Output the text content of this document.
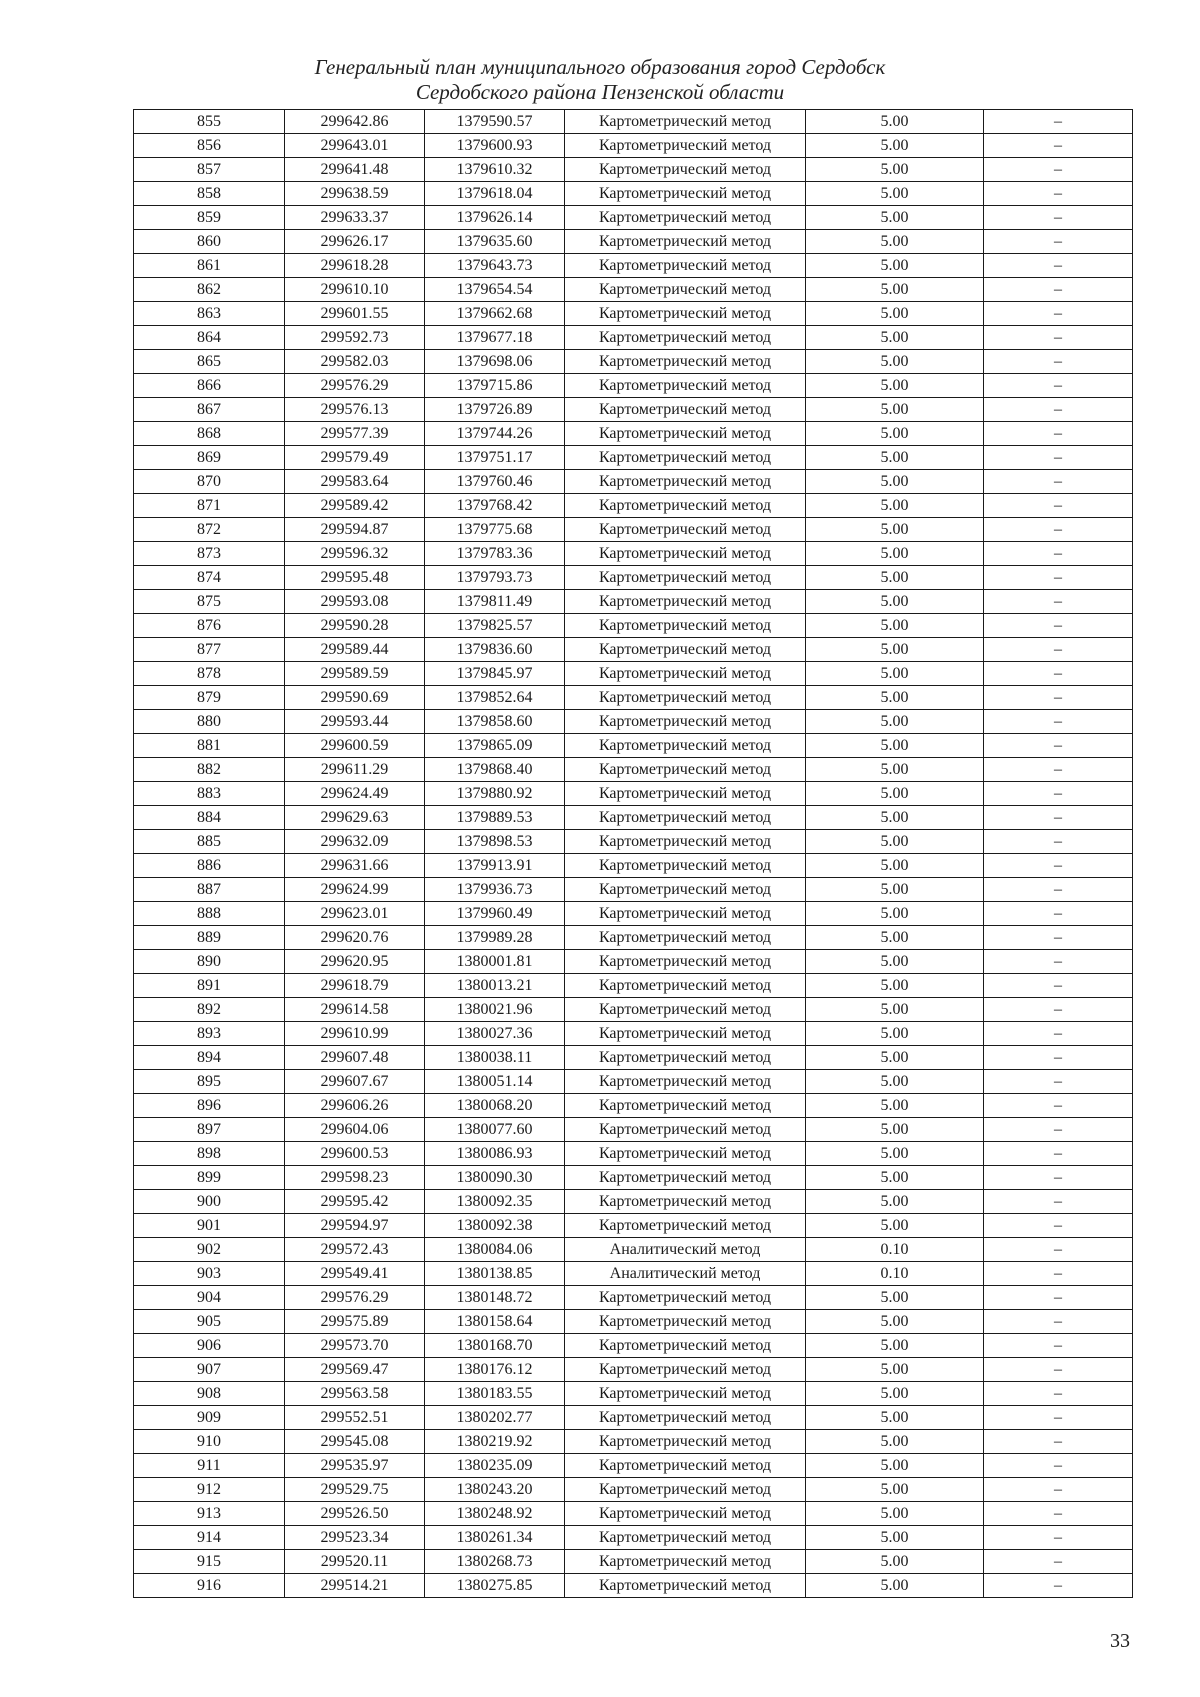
Генеральный план муниципального образования город Сердобск
Сердобского района Пензенской области
855	299642.86	1379590.57	Картометрический метод	5.00	–
856	299643.01	1379600.93	Картометрический метод	5.00	–
857	299641.48	1379610.32	Картометрический метод	5.00	–
858	299638.59	1379618.04	Картометрический метод	5.00	–
859	299633.37	1379626.14	Картометрический метод	5.00	–
860	299626.17	1379635.60	Картометрический метод	5.00	–
861	299618.28	1379643.73	Картометрический метод	5.00	–
862	299610.10	1379654.54	Картометрический метод	5.00	–
863	299601.55	1379662.68	Картометрический метод	5.00	–
864	299592.73	1379677.18	Картометрический метод	5.00	–
865	299582.03	1379698.06	Картометрический метод	5.00	–
866	299576.29	1379715.86	Картометрический метод	5.00	–
867	299576.13	1379726.89	Картометрический метод	5.00	–
868	299577.39	1379744.26	Картометрический метод	5.00	–
869	299579.49	1379751.17	Картометрический метод	5.00	–
870	299583.64	1379760.46	Картометрический метод	5.00	–
871	299589.42	1379768.42	Картометрический метод	5.00	–
872	299594.87	1379775.68	Картометрический метод	5.00	–
873	299596.32	1379783.36	Картометрический метод	5.00	–
874	299595.48	1379793.73	Картометрический метод	5.00	–
875	299593.08	1379811.49	Картометрический метод	5.00	–
876	299590.28	1379825.57	Картометрический метод	5.00	–
877	299589.44	1379836.60	Картометрический метод	5.00	–
878	299589.59	1379845.97	Картометрический метод	5.00	–
879	299590.69	1379852.64	Картометрический метод	5.00	–
880	299593.44	1379858.60	Картометрический метод	5.00	–
881	299600.59	1379865.09	Картометрический метод	5.00	–
882	299611.29	1379868.40	Картометрический метод	5.00	–
883	299624.49	1379880.92	Картометрический метод	5.00	–
884	299629.63	1379889.53	Картометрический метод	5.00	–
885	299632.09	1379898.53	Картометрический метод	5.00	–
886	299631.66	1379913.91	Картометрический метод	5.00	–
887	299624.99	1379936.73	Картометрический метод	5.00	–
888	299623.01	1379960.49	Картометрический метод	5.00	–
889	299620.76	1379989.28	Картометрический метод	5.00	–
890	299620.95	1380001.81	Картометрический метод	5.00	–
891	299618.79	1380013.21	Картометрический метод	5.00	–
892	299614.58	1380021.96	Картометрический метод	5.00	–
893	299610.99	1380027.36	Картометрический метод	5.00	–
894	299607.48	1380038.11	Картометрический метод	5.00	–
895	299607.67	1380051.14	Картометрический метод	5.00	–
896	299606.26	1380068.20	Картометрический метод	5.00	–
897	299604.06	1380077.60	Картометрический метод	5.00	–
898	299600.53	1380086.93	Картометрический метод	5.00	–
899	299598.23	1380090.30	Картометрический метод	5.00	–
900	299595.42	1380092.35	Картометрический метод	5.00	–
901	299594.97	1380092.38	Картометрический метод	5.00	–
902	299572.43	1380084.06	Аналитический метод	0.10	–
903	299549.41	1380138.85	Аналитический метод	0.10	–
904	299576.29	1380148.72	Картометрический метод	5.00	–
905	299575.89	1380158.64	Картометрический метод	5.00	–
906	299573.70	1380168.70	Картометрический метод	5.00	–
907	299569.47	1380176.12	Картометрический метод	5.00	–
908	299563.58	1380183.55	Картометрический метод	5.00	–
909	299552.51	1380202.77	Картометрический метод	5.00	–
910	299545.08	1380219.92	Картометрический метод	5.00	–
911	299535.97	1380235.09	Картометрический метод	5.00	–
912	299529.75	1380243.20	Картометрический метод	5.00	–
913	299526.50	1380248.92	Картометрический метод	5.00	–
914	299523.34	1380261.34	Картометрический метод	5.00	–
915	299520.11	1380268.73	Картометрический метод	5.00	–
916	299514.21	1380275.85	Картометрический метод	5.00	–
33
